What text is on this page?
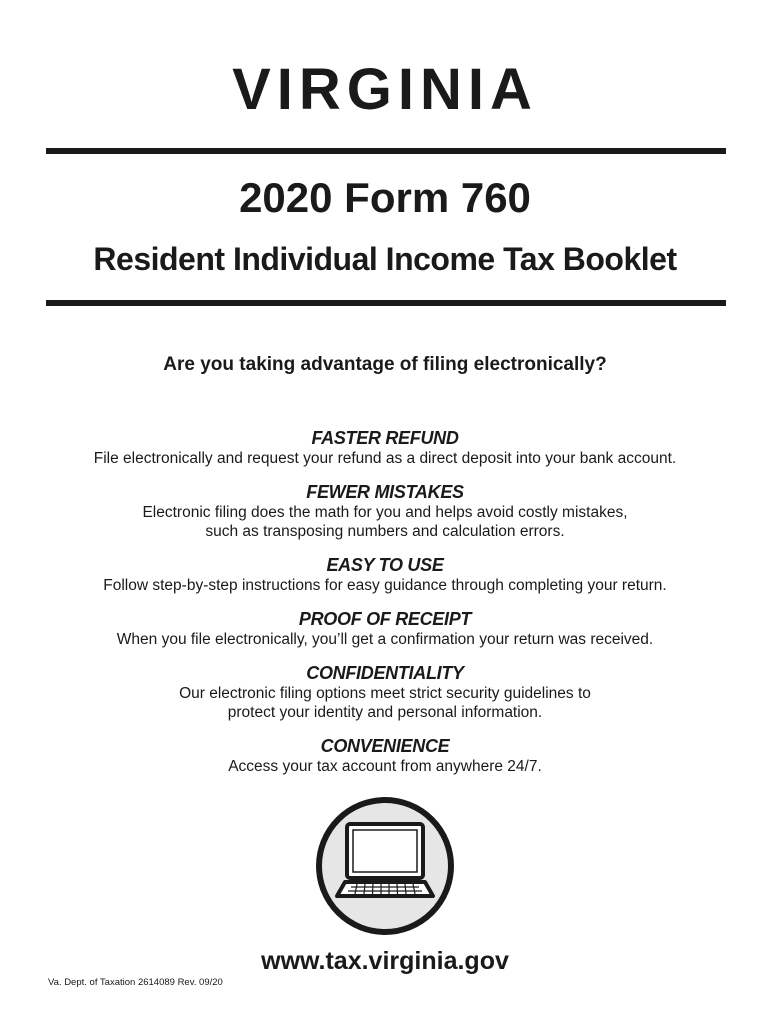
VIRGINIA
2020 Form 760
Resident Individual Income Tax Booklet
Are you taking advantage of filing electronically?
FASTER REFUND
File electronically and request your refund as a direct deposit into your bank account.
FEWER MISTAKES
Electronic filing does the math for you and helps avoid costly mistakes,
such as transposing numbers and calculation errors.
EASY TO USE
Follow step-by-step instructions for easy guidance through completing your return.
PROOF OF RECEIPT
When you file electronically, you’ll get a confirmation your return was received.
CONFIDENTIALITY
Our electronic filing options meet strict security guidelines to
protect your identity and personal information.
CONVENIENCE
Access your tax account from anywhere 24/7.
www.tax.virginia.gov
Va. Dept. of Taxation 2614089 Rev. 09/20
